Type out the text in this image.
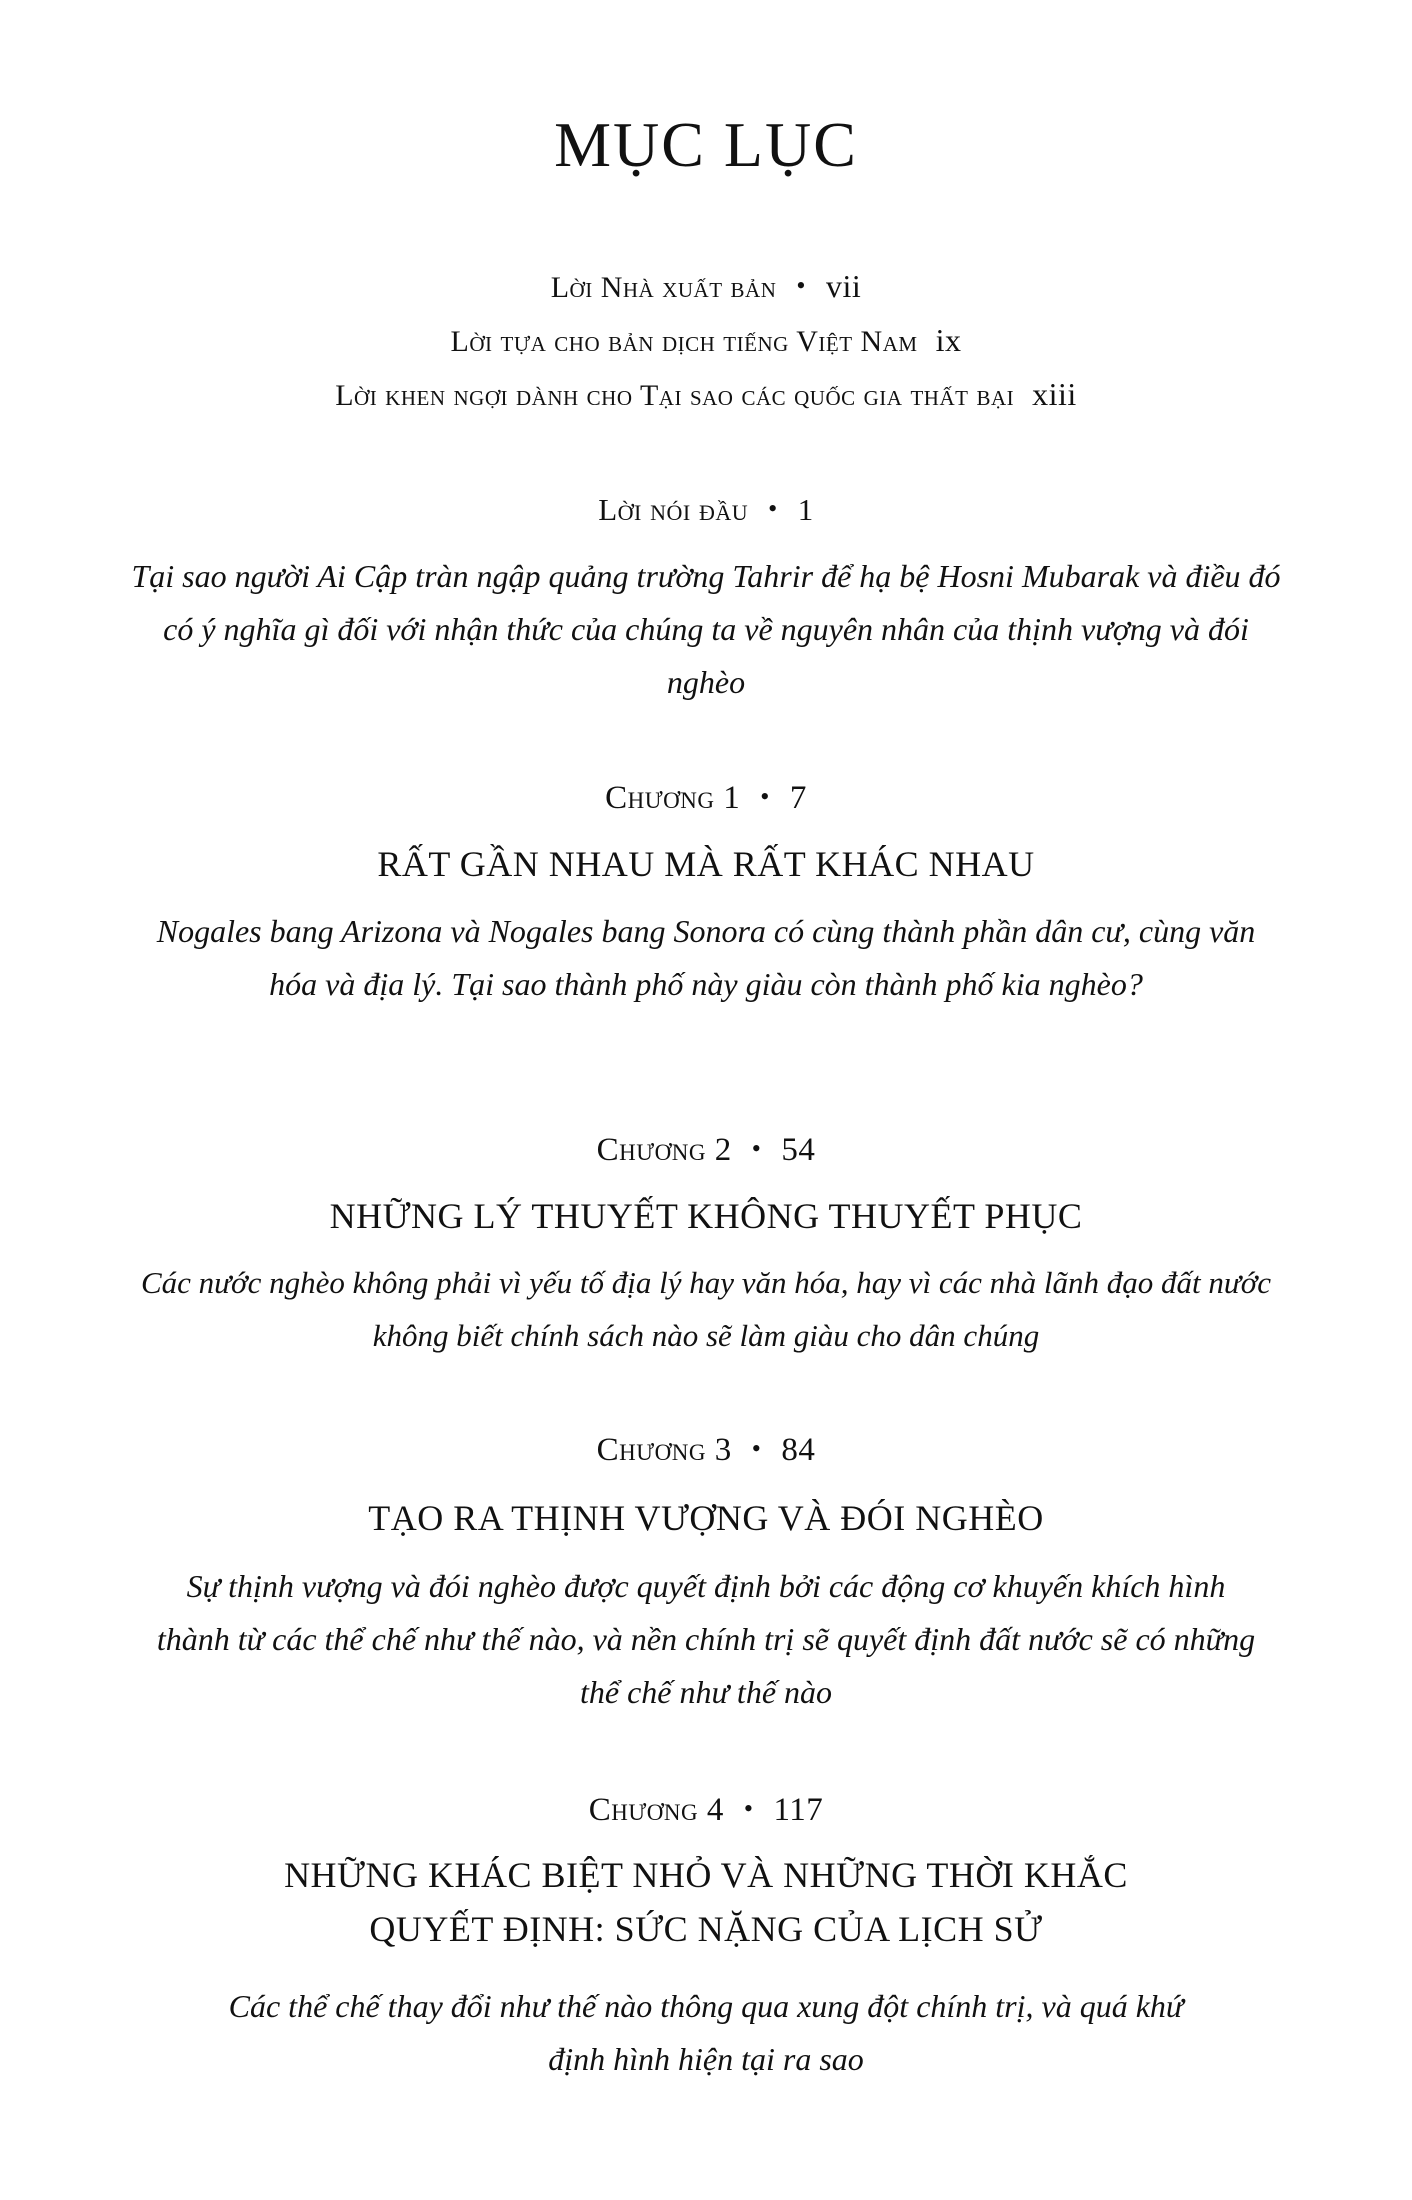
MỤC LỤC
Lời Nhà xuất bản • vii
Lời tựa cho bản dịch tiếng Việt Nam ix
Lời khen ngợi dành cho Tại sao các quốc gia thất bại xiii
Lời nói đầu • 1
Tại sao người Ai Cập tràn ngập quảng trường Tahrir để hạ bệ Hosni Mubarak và điều đó có ý nghĩa gì đối với nhận thức của chúng ta về nguyên nhân của thịnh vượng và đói nghèo
Chương 1 • 7
RẤT GẦN NHAU MÀ RẤT KHÁC NHAU
Nogales bang Arizona và Nogales bang Sonora có cùng thành phần dân cư, cùng văn hóa và địa lý. Tại sao thành phố này giàu còn thành phố kia nghèo?
Chương 2 • 54
NHỮNG LÝ THUYẾT KHÔNG THUYẾT PHỤC
Các nước nghèo không phải vì yếu tố địa lý hay văn hóa, hay vì các nhà lãnh đạo đất nước không biết chính sách nào sẽ làm giàu cho dân chúng
Chương 3 • 84
TẠO RA THỊNH VƯỢNG VÀ ĐÓI NGHÈO
Sự thịnh vượng và đói nghèo được quyết định bởi các động cơ khuyến khích hình thành từ các thể chế như thế nào, và nền chính trị sẽ quyết định đất nước sẽ có những thể chế như thế nào
Chương 4 • 117
NHỮNG KHÁC BIỆT NHỎ VÀ NHỮNG THỜI KHẮC QUYẾT ĐỊNH: SỨC NẶNG CỦA LỊCH SỬ
Các thể chế thay đổi như thế nào thông qua xung đột chính trị, và quá khứ định hình hiện tại ra sao
